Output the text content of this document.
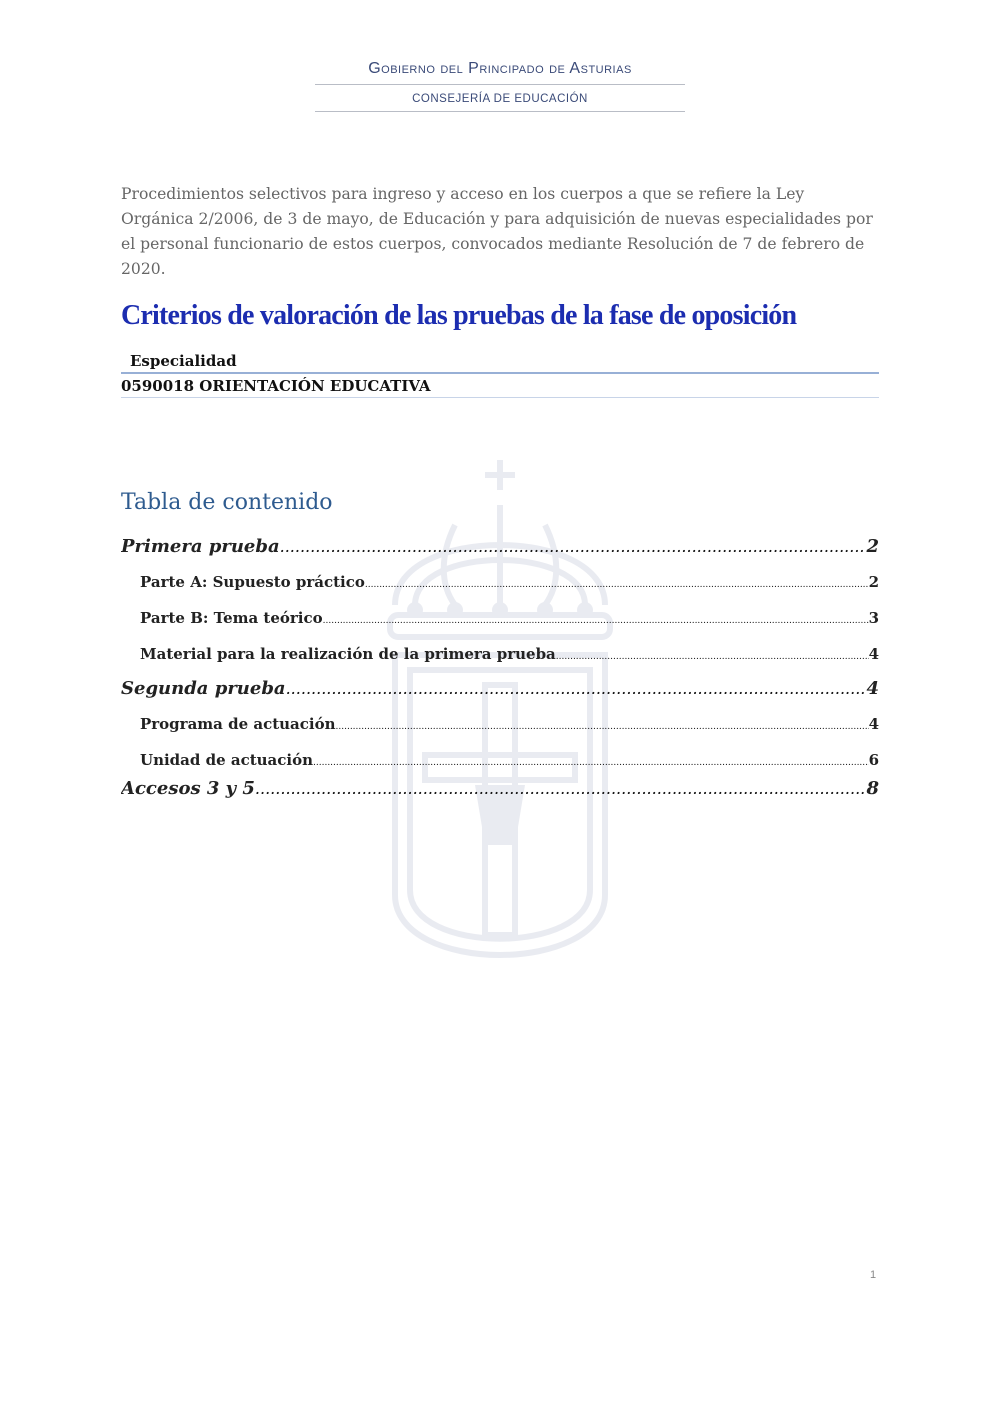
Gobierno del Principado de Asturias
CONSEJERÍA DE EDUCACIÓN
Procedimientos selectivos para ingreso y acceso en los cuerpos a que se refiere la Ley Orgánica 2/2006, de 3 de mayo, de Educación y para adquisición de nuevas especialidades por el personal funcionario de estos cuerpos, convocados mediante Resolución de 7 de febrero de 2020.
Criterios de valoración de las pruebas de la fase de oposición
Especialidad
0590018 ORIENTACIÓN EDUCATIVA
Tabla de contenido
Primera prueba .....	2
Parte A: Supuesto práctico .....	2
Parte B: Tema teórico .....	3
Material para la realización de la primera prueba .....	4
Segunda prueba .....	4
Programa de actuación .....	4
Unidad de actuación .....	6
Accesos 3 y 5 .....	8
1
